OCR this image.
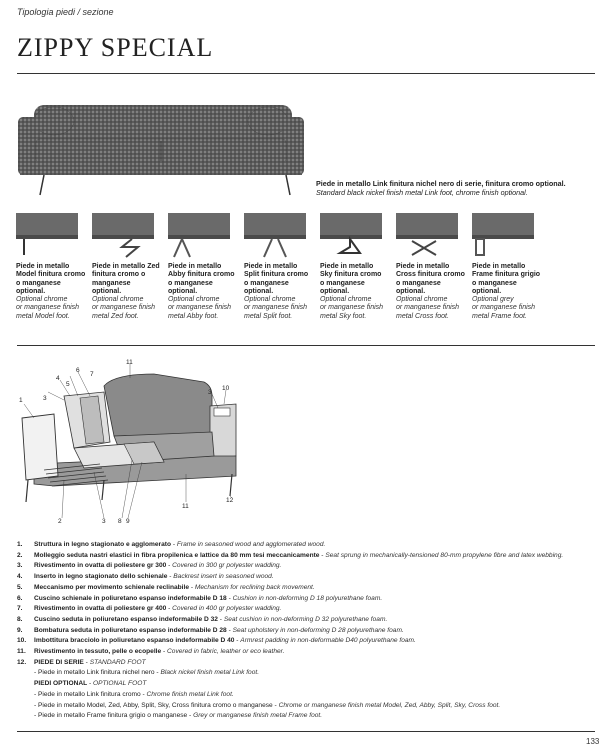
Tipologia piedi / sezione
ZIPPY SPECIAL
Piede in metallo Link finitura nichel nero di serie, finitura cromo optional.
Standard black nickel finish metal Link foot, chrome finish optional.
Piede in metallo
Model finitura cromo
o manganese
optional.
Optional chrome
or manganese finish
metal Model foot.
Piede in metallo Zed
finitura cromo o
manganese
optional.
Optional chrome
or manganese finish
metal Zed foot.
Piede in metallo
Abby finitura cromo
o manganese
optional.
Optional chrome
or manganese finish
metal Abby foot.
Piede in metallo
Split finitura cromo
o manganese
optional.
Optional chrome
or manganese finish
metal Split foot.
Piede in metallo
Sky finitura cromo
o manganese
optional.
Optional chrome
or manganese finish
metal Sky foot.
Piede in metallo
Cross finitura cromo
o manganese
optional.
Optional chrome
or manganese finish
metal Cross foot.
Piede in metallo
Frame finitura grigio
o manganese
optional.
Optional grey
or manganese finish
metal Frame foot.
1
2	3 8 9
3
4
5
6
7
11
3
10
11
12
1. Struttura in legno stagionato e agglomerato - Frame in seasoned wood and agglomerated wood.
2. Molleggio seduta nastri elastici in fibra propilenica e lattice da 80 mm tesi meccanicamente - Seat sprung in mechanically-tensioned 80-mm propylene fibre and latex webbing.
3. Rivestimento in ovatta di poliestere gr 300 - Covered in 300 gr polyester wadding.
4. Inserto in legno stagionato dello schienale - Backrest insert in seasoned wood.
5. Meccanismo per movimento schienale reclinabile - Mechanism for reclining back movement.
6. Cuscino schienale in poliuretano espanso indeformabile D 18 - Cushion in non-deforming D 18 polyurethane foam.
7. Rivestimento in ovatta di poliestere gr 400 - Covered in 400 gr polyester wadding.
8. Cuscino seduta in poliuretano espanso indeformabile D 32 - Seat cushion in non-deforming D 32 polyurethane foam.
9. Bombatura seduta in poliuretano espanso indeformabile D 28 - Seat upholstery in non-deforming D 28 polyurethane foam.
10. Imbottitura bracciolo in poliuretano espanso indeformabile D 40 - Armrest padding in non-deformable D40 polyurethane foam.
11. Rivestimento in tessuto, pelle o ecopelle - Covered in fabric, leather or eco leather.
12. PIEDE DI SERIE - STANDARD FOOT
- Piede in metallo Link finitura nichel nero - Black nickel finish metal Link foot.
PIEDI OPTIONAL - OPTIONAL FOOT
- Piede in metallo Link finitura cromo - Chrome finish metal Link foot.
- Piede in metallo Model, Zed, Abby, Split, Sky, Cross finitura cromo o manganese - Chrome or manganese finish metal Model, Zed, Abby, Split, Sky, Cross foot.
- Piede in metallo Frame finitura grigio o manganese - Grey or manganese finish metal Frame foot.
133
